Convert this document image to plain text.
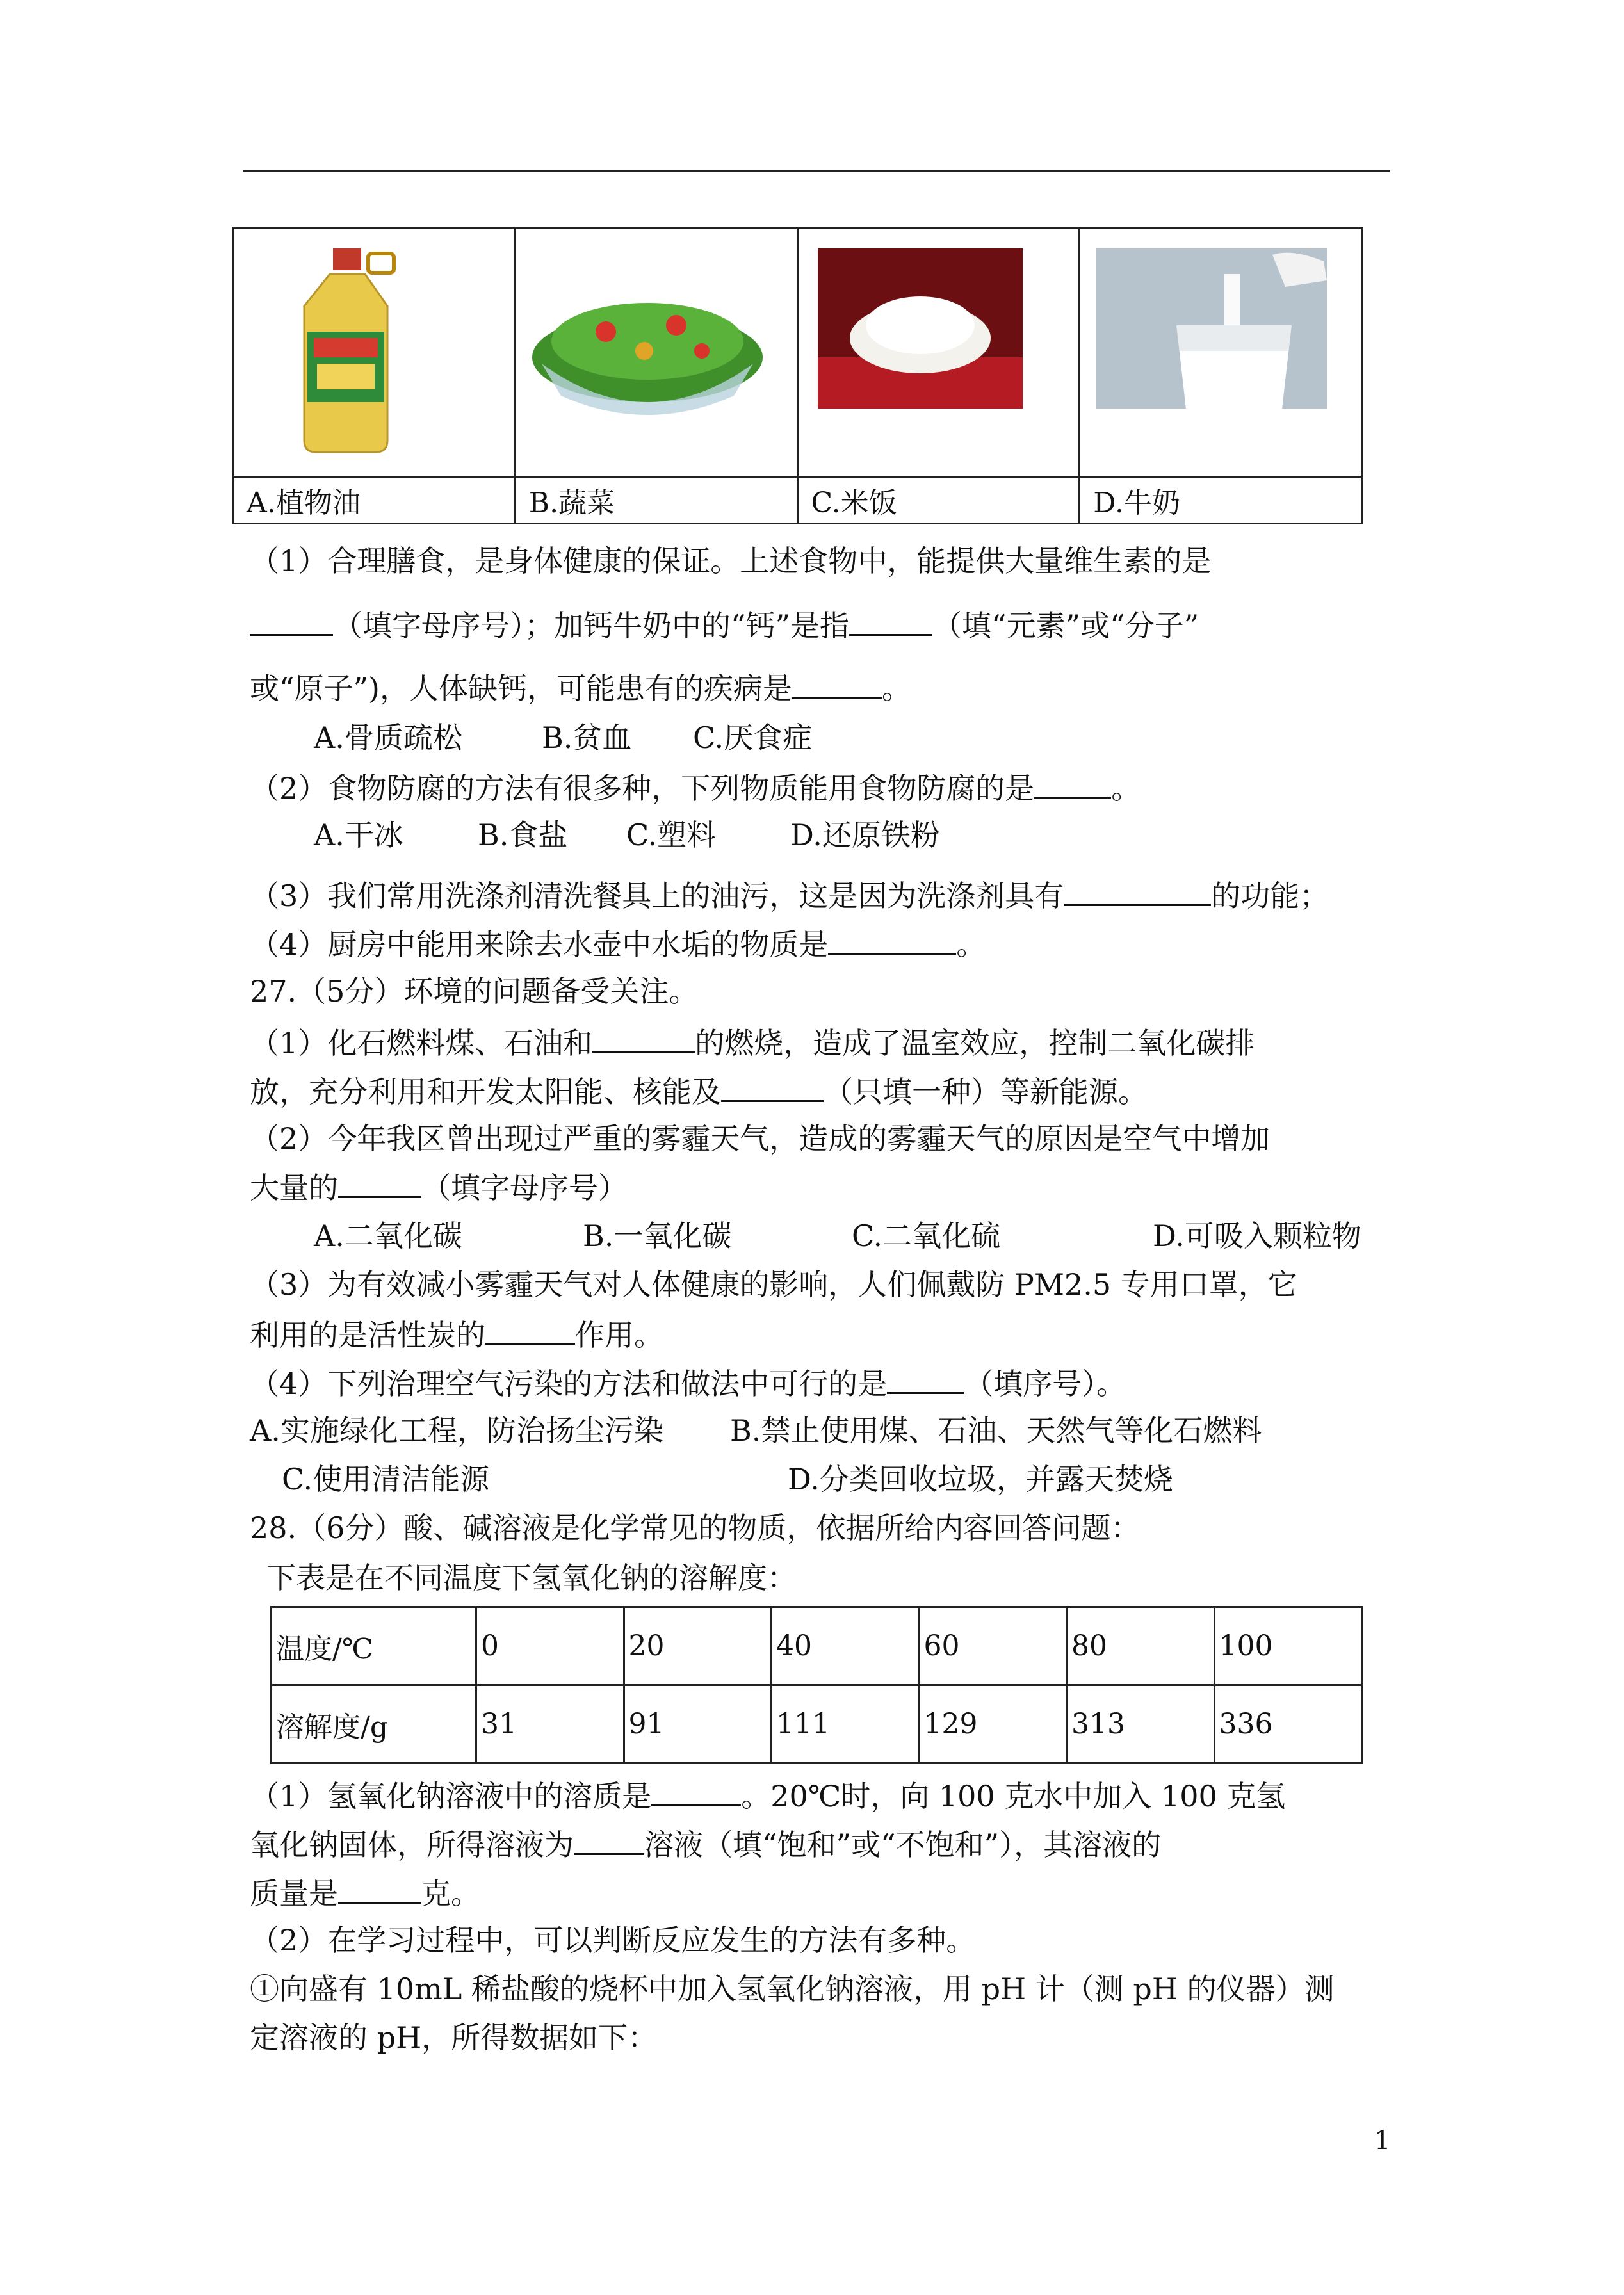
A.植物油	B.蔬菜	C.米饭	D.牛奶
（1）合理膳食，是身体健康的保证。上述食物中，能提供大量维生素的是
（填字母序号）；加钙牛奶中的“钙”是指	（填“元素”或“分子”
或“原子”)，人体缺钙，可能患有的疾病是	。
A.骨质疏松	B.贫血 C.厌食症
（2）食物防腐的方法有很多种，下列物质能用食物防腐的是	。
A.干冰	B.食盐 C.塑料	D.还原铁粉
（3）我们常用洗涤剂清洗餐具上的油污，这是因为洗涤剂具有	的功能；
（4）厨房中能用来除去水壶中水垢的物质是	。
27.（5分）环境的问题备受关注。
（1）化石燃料煤、石油和	的燃烧，造成了温室效应，控制二氧化碳排
放，充分利用和开发太阳能、核能及	（只填一种）等新能源。
（2）今年我区曾出现过严重的雾霾天气，造成的雾霾天气的原因是空气中增加
大量的	（填字母序号）
A.二氧化碳	B.一氧化碳	C.二氧化硫	D.可吸入颗粒物
（3）为有效减小雾霾天气对人体健康的影响，人们佩戴防 PM2.5 专用口罩，它
利用的是活性炭的	作用。
（4）下列治理空气污染的方法和做法中可行的是	（填序号）。
A.实施绿化工程，防治扬尘污染 B.禁止使用煤、石油、天然气等化石燃料
C.使用清洁能源	D.分类回收垃圾，并露天焚烧
28.（6分）酸、碱溶液是化学常见的物质，依据所给内容回答问题：
下表是在不同温度下氢氧化钠的溶解度：
温度/℃	0	20	40	60	80	100
溶解度/g	31	91	111	129	313	336
（1）氢氧化钠溶液中的溶质是	。20℃时，向 100 克水中加入 100 克氢
氧化钠固体，所得溶液为 溶液（填“饱和”或“不饱和”），其溶液的
质量是	克。
（2）在学习过程中，可以判断反应发生的方法有多种。
①向盛有 10mL 稀盐酸的烧杯中加入氢氧化钠溶液，用 pH 计（测 pH 的仪器）测
定溶液的 pH，所得数据如下：
1
